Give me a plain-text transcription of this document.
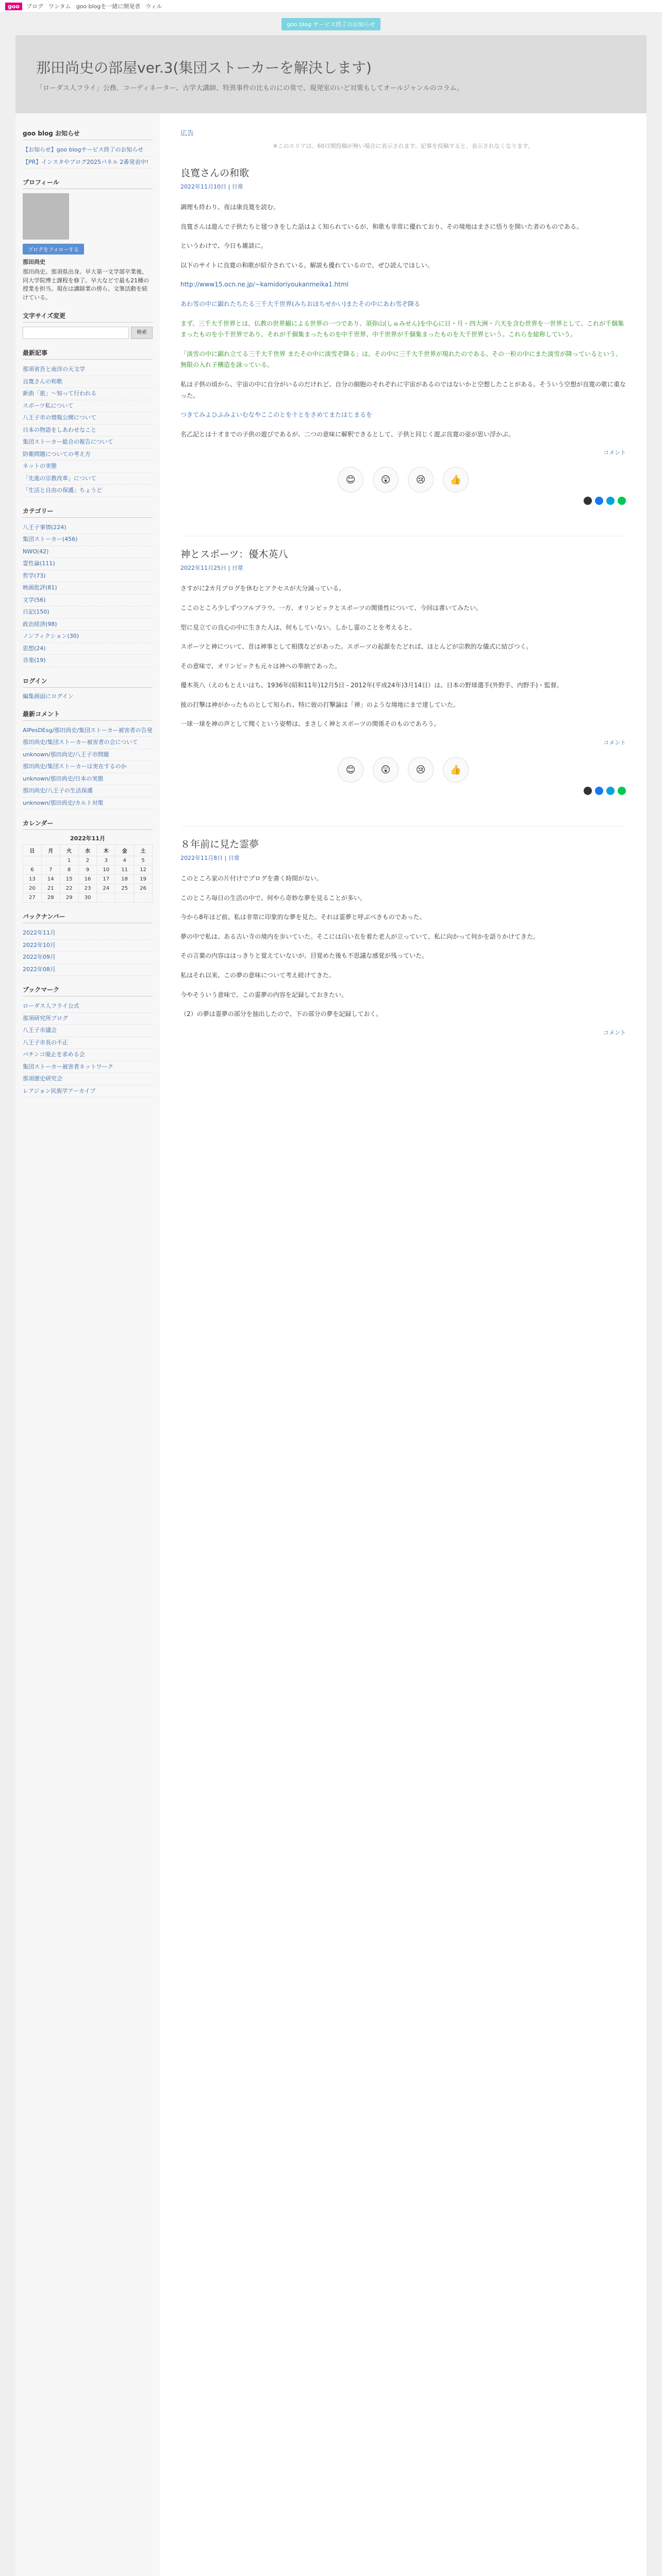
goo	ブログ ワンタム goo blogを一緒に開発者 ウィル
goo blog サービス終了のお知らせ
那田尚史の部屋ver.3(集団ストーカーを解決します)
「ローダス人フライ」公務、コーディネーター、古学大講師、特異事件の比ものにの常で、現発室のいど対策もしてオールジャンルのコラム。
goo blog お知らせ
【お知らせ】goo blogサービス終了のお知らせ
【PR】インスタやブログ2025パネル 2番発表中!
プロフィール
ブログをフォローする
那田尚史
那田尚史。那須県出身。早大第一文学部卒業後、同大学院博士課程を修了。早大などで最も21種の授業を担当。現在は講師業の傍ら、文筆活動を続けている。
文字サイズ変更
検索
最新記事
那須省吾と南洋の天文学
良寛さんの和歌
新曲「旅」〜知って行われる
スポーツ私について
八王子市の情報公開について
日本の物語をしあわせなこと
集団ストーカー総合の報告について
防衛問題についての考え方
ネットの実態
「先進の宗教改革」について
「生活と自由の保護」ちょうど
カテゴリー
八王子事情(224)
集団ストーカー(456)
NWO(42)
霊性論(111)
哲学(73)
映画批評(81)
文学(56)
日記(150)
政治経済(98)
ノンフィクション(30)
思想(24)
音楽(19)
ログイン
編集画面にログイン
最新コメント
AlPesDEsg/那田尚史/集団ストーカー被害者の告発
那田尚史/集団ストーカー被害者の会について
unknown/那田尚史/八王子市問題
那田尚史/集団ストーカーは実在するのか
unknown/那田尚史/日本の実態
那田尚史/八王子の生活保護
unknown/那田尚史/カルト対策
カレンダー
2022年11月
日	月	火	水	木	金	土
		1	2	3	4	5
6	7	8	9	10	11	12
13	14	15	16	17	18	19
20	21	22	23	24	25	26
27	28	29	30			
バックナンバー
2022年11月
2022年10月
2022年09月
2022年08月
ブックマーク
ローダス人フライ公式
那須研究所ブログ
八王子市議会
八王子市長の不正
パチンコ廃止を求める会
集団ストーカー被害者ネットワーク
那須歴史研究会
レアジョン民族学アーカイブ
広告
※このエリアは、60日間投稿が無い場合に表示されます。記事を投稿すると、表示されなくなります。
良寛さんの和歌
2022年11月10日 | 日常

調理も終わり、夜は康良寛を読む。

良寛さんは遊んで子供たちと毬つきをした話はよく知られているが、和歌も非常に優れており、その境地はまさに悟りを開いた者のものである。

というわけで、今日も雑談に。

以下のサイトに良寛の和歌が紹介されている。解説も優れているので、ぜひ読んでほしい。

http://www15.ocn.ne.jp/~kamidoriyoukanmeika1.html

あわ雪の中に顕れたちたる三千大千世界(みちおほちせかい)またその中にあわ雪ぞ降る

まず、三千大千世界とは、仏教の世界観による世界の一つであり、須弥山(しゅみせん)を中心に日・月・四大洲・六天を含む世界を一世界として、これが千個集まったものを小千世界であり、それが千個集まったものを中千世界、中千世界が千個集まったものを大千世界という。これらを総称していう。

「淡雪の中に顕れ立てる三千大千世界 またその中に淡雪ぞ降る」は、その中に三千大千世界が現れたのである。その一粒の中にまた淡雪が降っているという、無限の入れ子構造を詠っている。

私は子供の頃から、宇宙の中に自分がいるのだけれど、自分の細胞のそれぞれに宇宙があるのではないかと空想したことがある。そういう空想が良寛の歌に重なった。

つきてみよひふみよいむなやここのとを十とをさめてまたはじまるを

名乙記とは十才までの子供の遊びであるが、二つの意味に解釈できるとして、子供と同じく遊ぶ良寛の姿が思い浮かぶ。

コメント
😊	😲	😢	👍
神とスポーツ：優木英八
2022年11月25日 | 日常

さすがに2カ月ブログを休むとアクセスが大分減っている。

ここのところ少しずつフルブラウ。一方、オリンピックとスポーツの関係性について、今回は書いてみたい。

型に見立ての良心の中に生きた人は、何もしていない。しかし霊のことを考えると、

スポーツと神について、昔は神事として相撲などがあった。スポーツの起源をたどれば、ほとんどが宗教的な儀式に結びつく。

その意味で、オリンピックも元々は神への奉納であった。

優木英八（えのもとえいはち、1936年(昭和11年)12月5日 - 2012年(平成24年)3月14日）は、日本の野球選手(外野手、内野手)・監督。

彼の打撃は神がかったものとして知られ、特に彼の打撃論は「禅」のような境地にまで達していた。

一球一球を神の声として聞くという姿勢は、まさしく神とスポーツの関係そのものであろう。

コメント
😊	😲	😢	👍
８年前に見た霊夢
2022年11月8日 | 日常

このところ家の片付けでブログを書く時間がない。

このところ毎日の生活の中で、何やら奇妙な夢を見ることが多い。

今から8年ほど前、私は非常に印象的な夢を見た。それは霊夢と呼ぶべきものであった。

夢の中で私は、ある古い寺の境内を歩いていた。そこには白い衣を着た老人が立っていて、私に向かって何かを語りかけてきた。

その言葉の内容ははっきりと覚えていないが、目覚めた後も不思議な感覚が残っていた。

私はそれ以来、この夢の意味について考え続けてきた。

今やそういう意味で、この霊夢の内容を記録しておきたい。

（2）の夢は霊夢の部分を抽出したので、下の部分の夢を記録しておく。

コメント
